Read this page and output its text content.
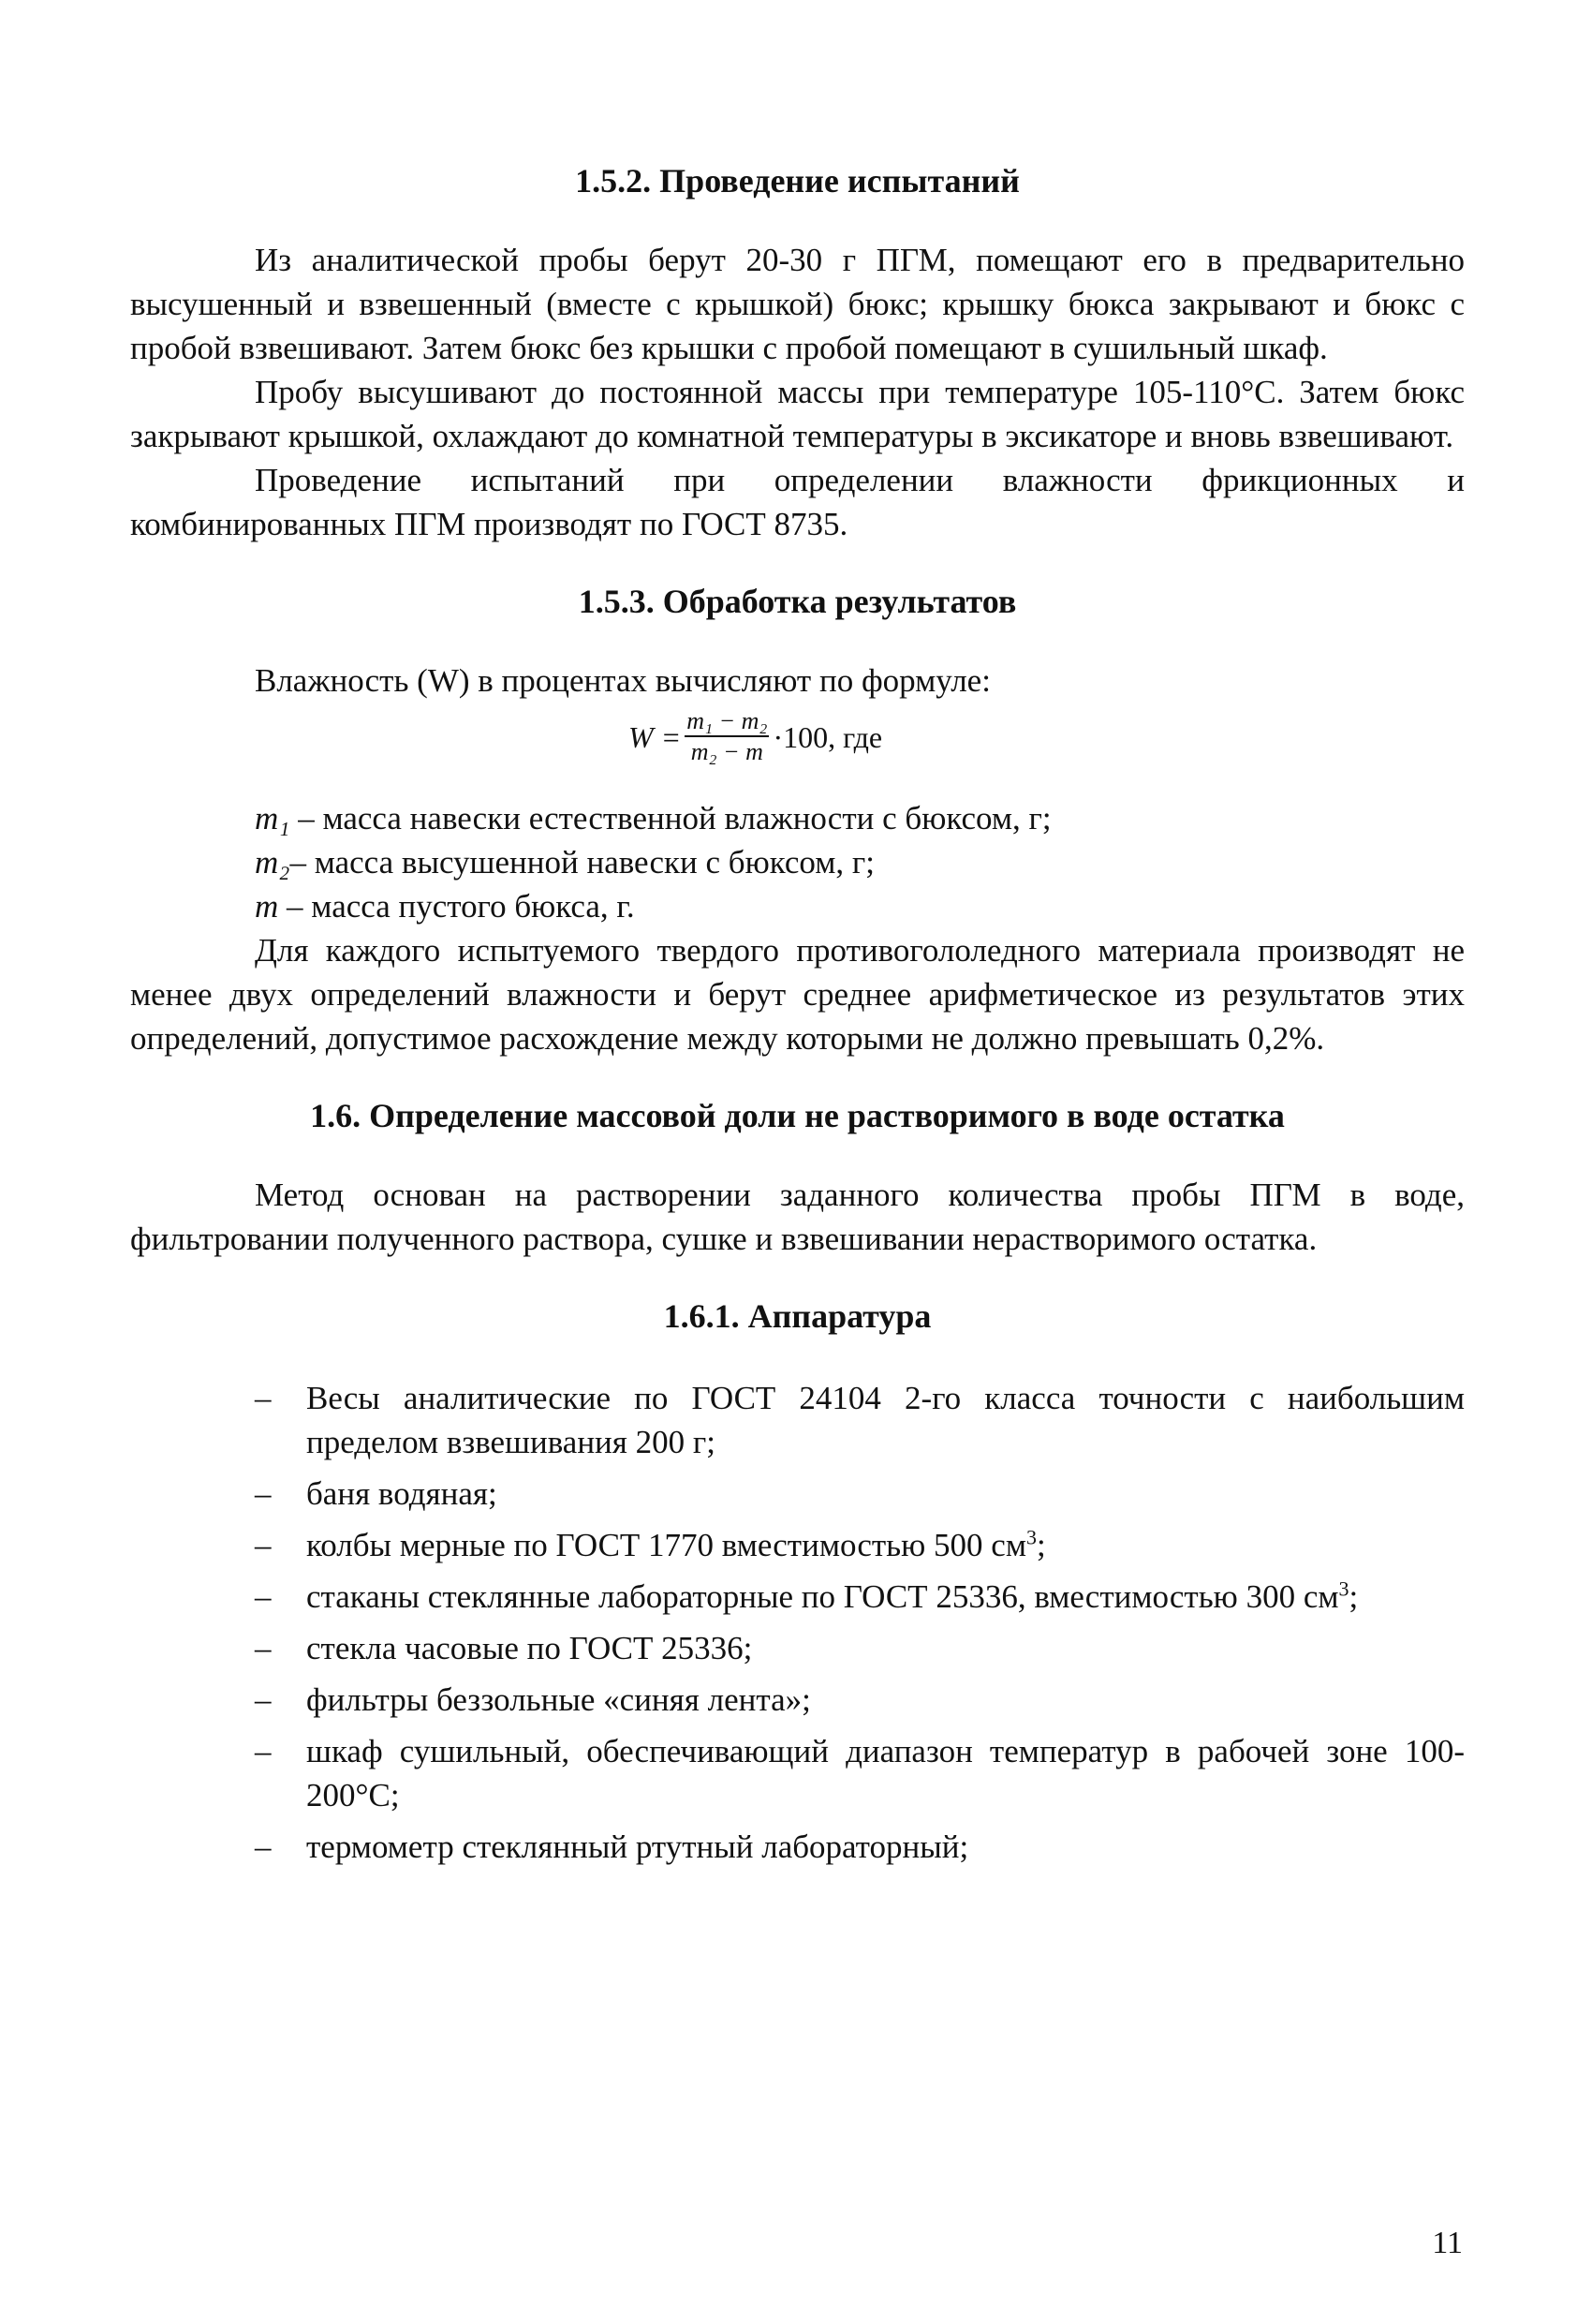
1.5.2. Проведение испытаний

Из аналитической пробы берут 20-30 г ПГМ, помещают его в предварительно высушенный и взвешенный (вместе с крышкой) бюкс; крышку бюкса закрывают и бюкс с пробой взвешивают. Затем бюкс без крышки с пробой помещают в сушильный шкаф.

Пробу высушивают до постоянной массы при температуре 105-110°С. Затем бюкс закрывают крышкой, охлаждают до комнатной температуры в эксикаторе и вновь взвешивают.

Проведение испытаний при определении влажности фрикционных и комбинированных ПГМ производят по ГОСТ 8735.

1.5.3. Обработка результатов

Влажность (W) в процентах вычисляют по формуле:

$W = \frac{\text{m₁ − m₂}}{\text{m₂ − m}} \cdot 100$, где

m₁ – масса навески естественной влажности с бюксом, г;

m₂– масса высушенной навески с бюксом, г;

m – масса пустого бюкса, г.

Для каждого испытуемого твердого противогололедного материала производят не менее двух определений влажности и берут среднее арифметическое из результатов этих определений, допустимое расхождение между которыми не должно превышать 0,2%.

1.6. Определение массовой доли не растворимого в воде остатка

Метод основан на растворении заданного количества пробы ПГМ в воде, фильтровании полученного раствора, сушке и взвешивании нерастворимого остатка.

1.6.1. Аппаратура
– Весы аналитические по ГОСТ 24104 2-го класса точности с наибольшим пределом взвешивания 200 г;
– баня водяная;
– колбы мерные по ГОСТ 1770 вместимостью 500 $см^3$;
– стаканы стеклянные лабораторные по ГОСТ 25336, вместимостью 300 $см^3$;
– стекла часовые по ГОСТ 25336;
– фильтры беззольные «синяя лента»;
– шкаф сушильный, обеспечивающий диапазон температур в рабочей зоне 100-200°С;
– термометр стеклянный ртутный лабораторный;
11
